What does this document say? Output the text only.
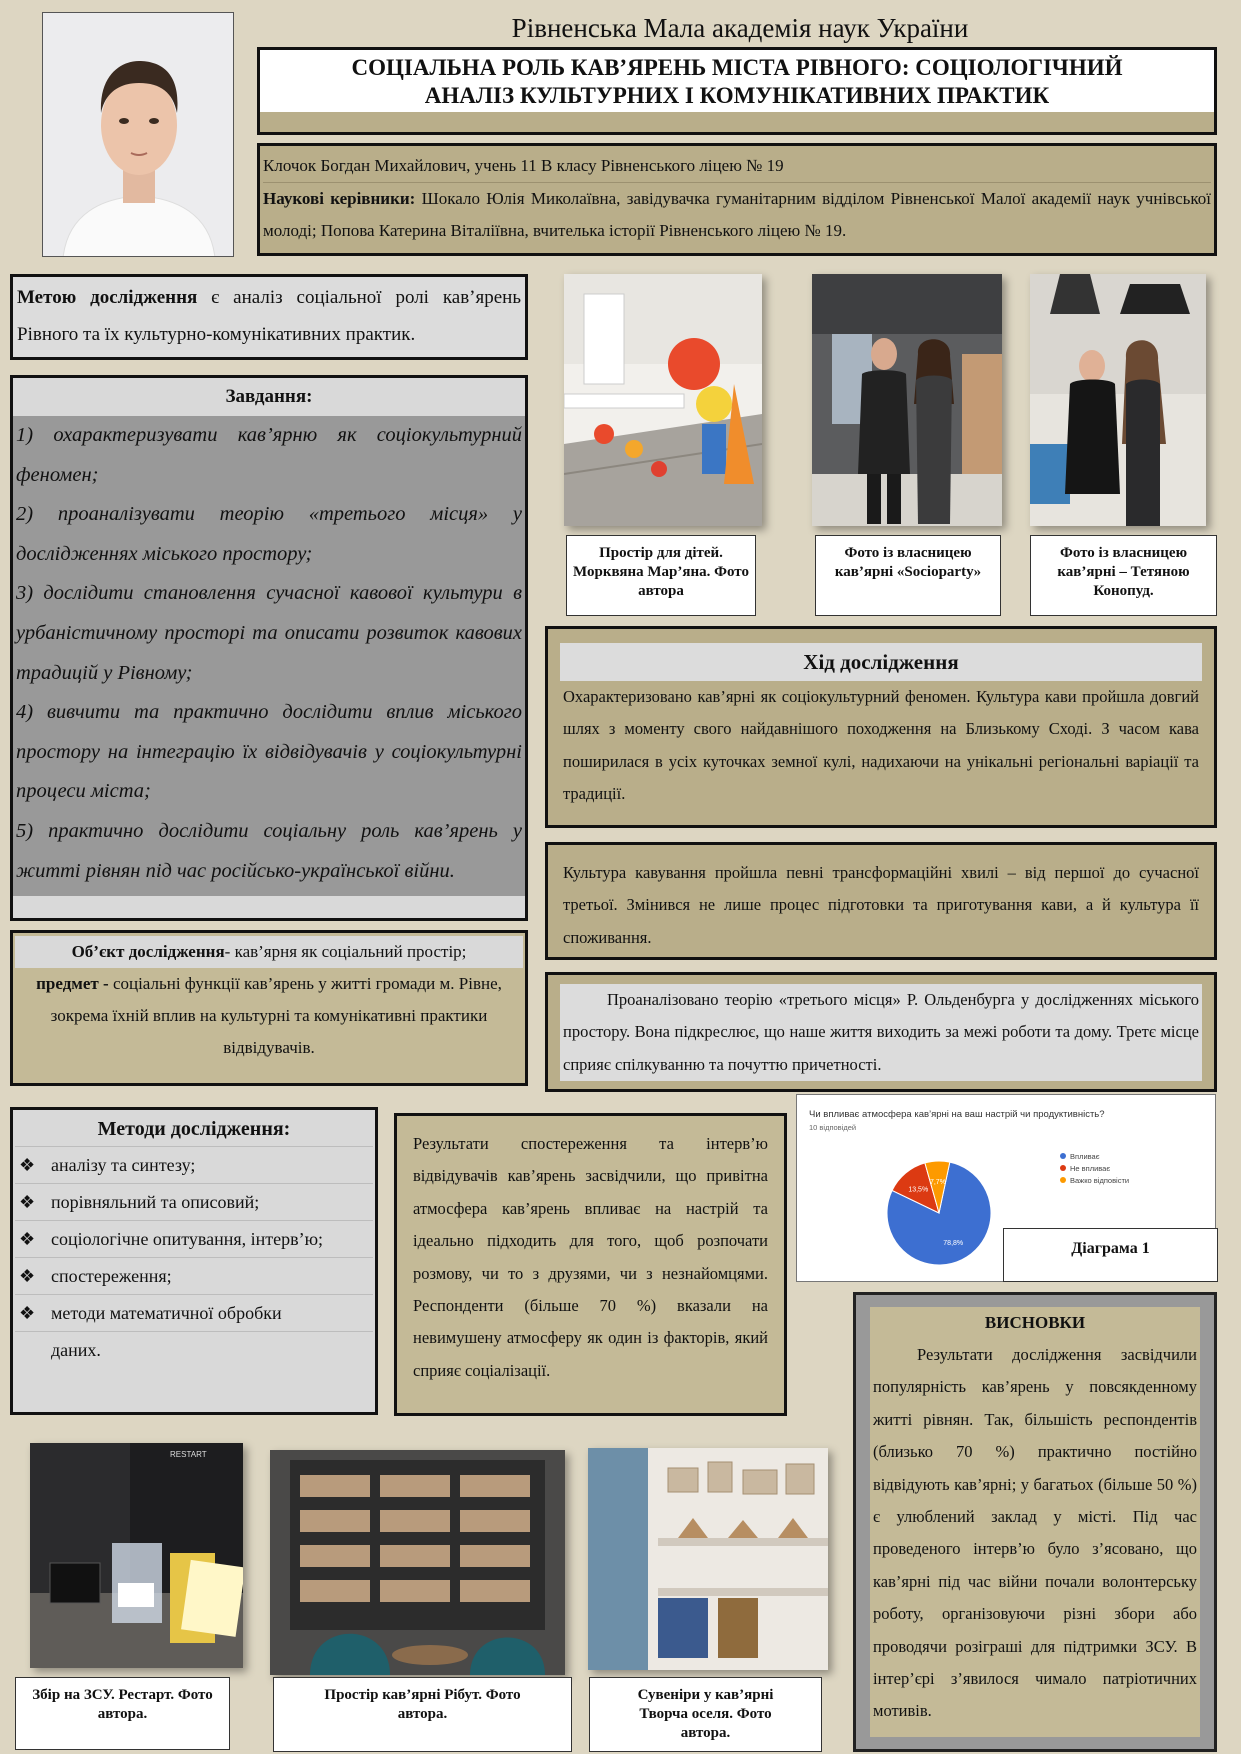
Рівненська Мала академія наук України
СОЦІАЛЬНА РОЛЬ КАВ’ЯРЕНЬ МІСТА РІВНОГО: СОЦІОЛОГІЧНИЙ
АНАЛІЗ КУЛЬТУРНИХ І КОМУНІКАТИВНИХ ПРАКТИК
Клочок Богдан Михайлович, учень 11 В класу Рівненського ліцею № 19
Наукові керівники: Шокало Юлія Миколаївна, завідувачка гуманітарним відділом Рівненської Малої академії наук учнівської молоді; Попова Катерина Віталіївна, вчителька історії Рівненського ліцею № 19.
Метою дослідження є аналіз соціальної ролі кав’ярень Рівного та їх культурно-комунікативних практик.
Завдання:
1) охарактеризувати кав’ярню як соціокультурний феномен;
2) проаналізувати теорію «третього місця» у дослідженнях міського простору;
3) дослідити становлення сучасної кавової культури в урбаністичному просторі та описати розвиток кавових традицій у Рівному;
4) вивчити та практично дослідити вплив міського простору на інтеграцію їх відвідувачів у соціокультурні процеси міста;
5) практично дослідити соціальну роль кав’ярень у житті рівнян під час російсько-української війни.
Об’єкт дослідження- кав’ярня як соціальний простір;
предмет - соціальні функції кав’ярень у житті громади м. Рівне, зокрема їхній вплив на культурні та комунікативні практики відвідувачів.
Методи дослідження:
❖ аналізу та синтезу;
❖ порівняльний та описовий;
❖ соціологічне опитування, інтерв’ю;
❖ спостереження;
❖ методи математичної обробки
даних.
Результати спостереження та інтерв’ю відвідувачів кав’ярень засвідчили, що привітна атмосфера кав’ярень впливає на настрій та ідеально підходить для того, щоб розпочати розмову, чи то з друзями, чи з незнайомцями. Респонденти (більше 70 %) вказали на невимушену атмосферу як один із факторів, який сприяє соціалізації.
Простір для дітей. Морквяна Мар’яна. Фото автора
Фото із власницею кав’ярні «Socioparty»
Фото із власницею кав’ярні – Тетяною Конопуд.
Хід дослідження
Охарактеризовано кав’ярні як соціокультурний феномен. Культура кави пройшла довгий шлях з моменту свого найдавнішого походження на Близькому Сході. З часом кава поширилася в усіх куточках земної кулі, надихаючи на унікальні регіональні варіації та традиції.
Культура кавування пройшла певні трансформаційні хвилі – від першої до сучасної третьої. Змінився не лише процес підготовки та приготування кави, а й культура її споживання.
Проаналізовано теорію «третього місця» Р. Ольденбурга у дослідженнях міського простору. Вона підкреслює, що наше життя виходить за межі роботи та дому. Третє місце сприяє спілкуванню та почуттю причетності.
Чи впливає атмосфера кав’ярні на ваш настрій чи продуктивність?
10 відповідей
78,8%
13,5%
7,7%
Впливає
Не впливає
Важко відповісти
Діаграма 1
ВИСНОВКИ
Результати дослідження засвідчили популярність кав’ярень у повсякденному житті рівнян. Так, більшість респондентів (близько 70 %) практично постійно відвідують кав’ярні; у багатьох (більше 50 %) є улюблений заклад у місті. Під час проведеного інтерв’ю було з’ясовано, що кав’ярні під час війни почали волонтерську роботу, організовуючи різні збори або проводячи розіграші для підтримки ЗСУ. В інтер’єрі з’явилося чимало патріотичних мотивів.
RESTART
Збір на ЗСУ. Рестарт. Фото автора.
Простір кав’ярні Рібут. Фото автора.
Сувеніри у кав’ярні Творча оселя. Фото автора.
